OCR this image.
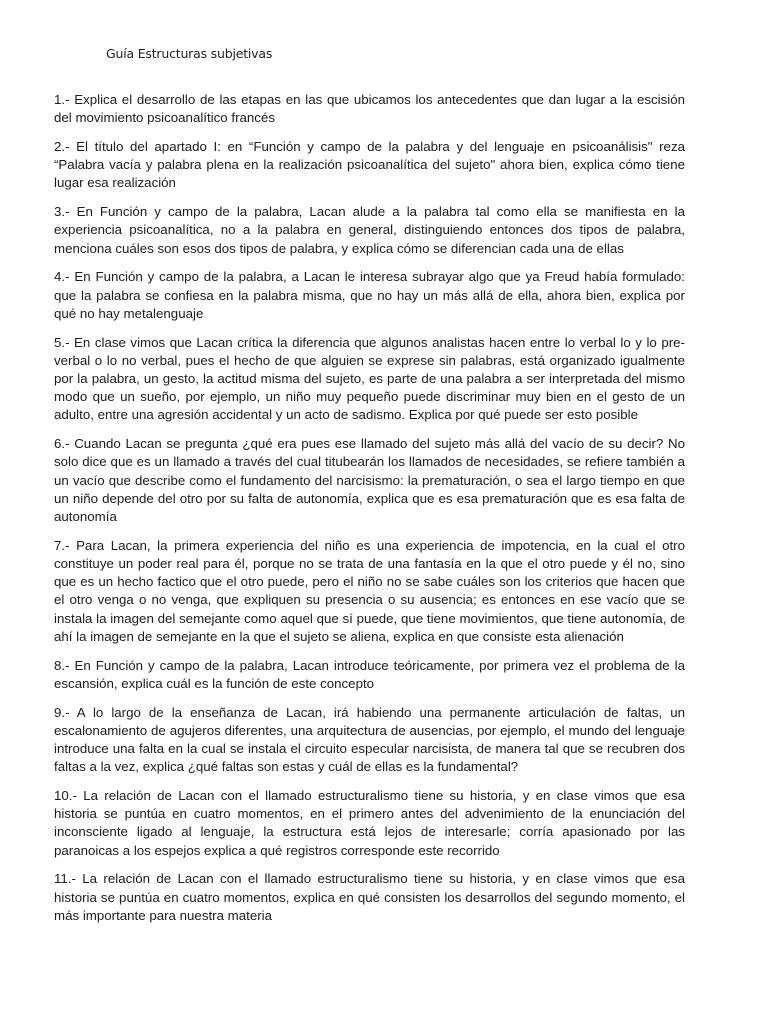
Guía Estructuras subjetivas
1.- Explica el desarrollo de las etapas en las que ubicamos los antecedentes que dan lugar a la escisión del movimiento psicoanalítico francés
2.- El título del apartado I: en “Función y campo de la palabra y del lenguaje en psicoanálisis" reza “Palabra vacía y palabra plena en la realización psicoanalítica del sujeto" ahora bien, explica cómo tiene lugar esa realización
3.- En Función y campo de la palabra, Lacan alude a la palabra tal como ella se manifiesta en la experiencia psicoanalítica, no a la palabra en general, distinguiendo entonces dos tipos de palabra, menciona cuáles son esos dos tipos de palabra, y explica cómo se diferencian cada una de ellas
4.- En Función y campo de la palabra, a Lacan le interesa subrayar algo que ya Freud había formulado: que la palabra se confiesa en la palabra misma, que no hay un más allá de ella, ahora bien, explica por qué no hay metalenguaje
5.- En clase vimos que Lacan crítica la diferencia que algunos analistas hacen entre lo verbal lo y lo pre-verbal o lo no verbal, pues el hecho de que alguien se exprese sin palabras, está organizado igualmente por la palabra, un gesto, la actitud misma del sujeto, es parte de una palabra a ser interpretada del mismo modo que un sueño, por ejemplo, un niño muy pequeño puede discriminar muy bien en el gesto de un adulto, entre una agresión accidental y un acto de sadismo. Explica por qué puede ser esto posible
6.- Cuando Lacan se pregunta ¿qué era pues ese llamado del sujeto más allá del vacío de su decir? No solo dice que es un llamado a través del cual titubearán los llamados de necesidades, se refiere también a un vacío que describe como el fundamento del narcisismo: la prematuración, o sea el largo tiempo en que un niño depende del otro por su falta de autonomía, explica que es esa prematuración que es esa falta de autonomía
7.- Para Lacan, la primera experiencia del niño es una experiencia de impotencia, en la cual el otro constituye un poder real para él, porque no se trata de una fantasía en la que el otro puede y él no, sino que es un hecho factico que el otro puede, pero el niño no se sabe cuáles son los criterios que hacen que el otro venga o no venga, que expliquen su presencia o su ausencia; es entonces en ese vacío que se instala la imagen del semejante como aquel que sí puede, que tiene movimientos, que tiene autonomía, de ahí la imagen de semejante en la que el sujeto se aliena, explica en que consiste esta alienación
8.- En Función y campo de la palabra, Lacan introduce teóricamente, por primera vez el problema de la escansión, explica cuál es la función de este concepto
9.- A lo largo de la enseñanza de Lacan, irá habiendo una permanente articulación de faltas, un escalonamiento de agujeros diferentes, una arquitectura de ausencias, por ejemplo, el mundo del lenguaje introduce una falta en la cual se instala el circuito especular narcisista, de manera tal que se recubren dos faltas a la vez, explica ¿qué faltas son estas y cuál de ellas es la fundamental?
10.- La relación de Lacan con el llamado estructuralismo tiene su historia, y en clase vimos que esa historia se puntúa en cuatro momentos, en el primero antes del advenimiento de la enunciación del inconsciente ligado al lenguaje, la estructura está lejos de interesarle; corría apasionado por las paranoicas a los espejos explica a qué registros corresponde este recorrido
11.- La relación de Lacan con el llamado estructuralismo tiene su historia, y en clase vimos que esa historia se puntúa en cuatro momentos, explica en qué consisten los desarrollos del segundo momento, el más importante para nuestra materia
